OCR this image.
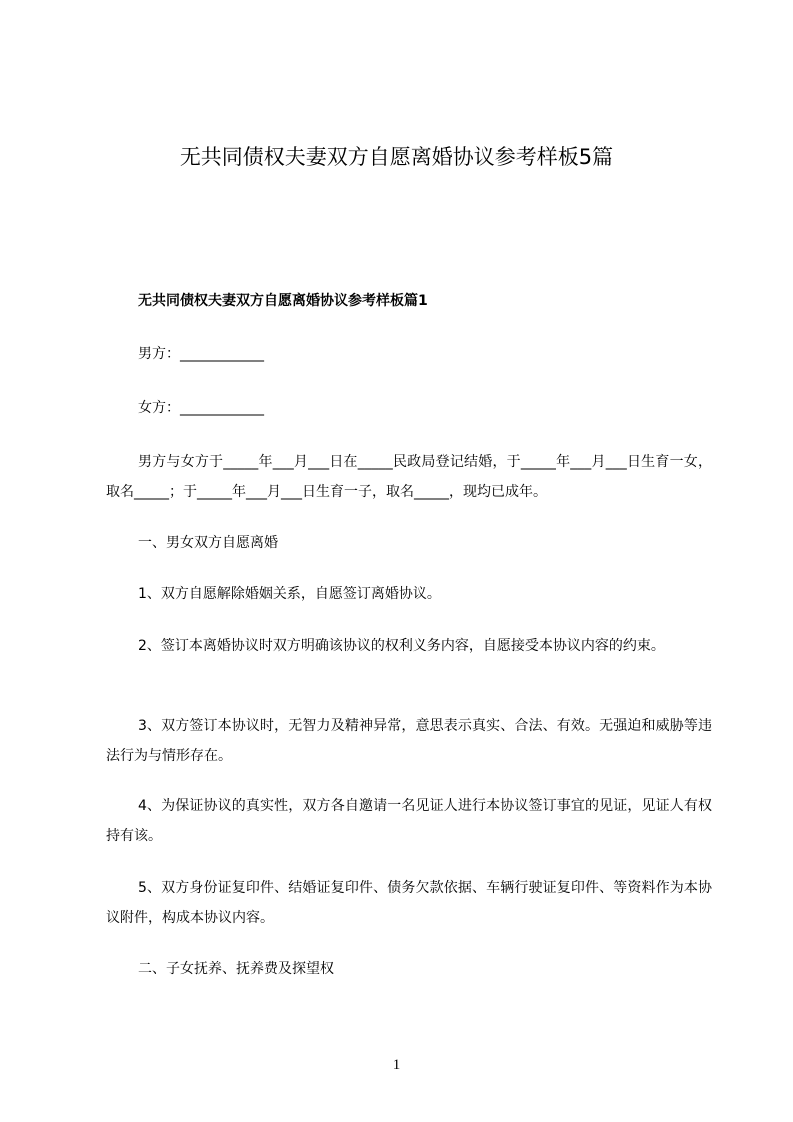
无共同债权夫妻双方自愿离婚协议参考样板5篇
无共同债权夫妻双方自愿离婚协议参考样板篇1
男方：____________
女方：____________
男方与女方于_____年___月___日在_____民政局登记结婚，于_____年___月___日生育一女，取名_____；于_____年___月___日生育一子，取名_____，现均已成年。
一、男女双方自愿离婚
1、双方自愿解除婚姻关系，自愿签订离婚协议。
2、签订本离婚协议时双方明确该协议的权利义务内容，自愿接受本协议内容的约束。
3、双方签订本协议时，无智力及精神异常，意思表示真实、合法、有效。无强迫和威胁等违法行为与情形存在。
4、为保证协议的真实性，双方各自邀请一名见证人进行本协议签订事宜的见证，见证人有权持有该。
5、双方身份证复印件、结婚证复印件、债务欠款依据、车辆行驶证复印件、等资料作为本协议附件，构成本协议内容。
二、子女抚养、抚养费及探望权
1
